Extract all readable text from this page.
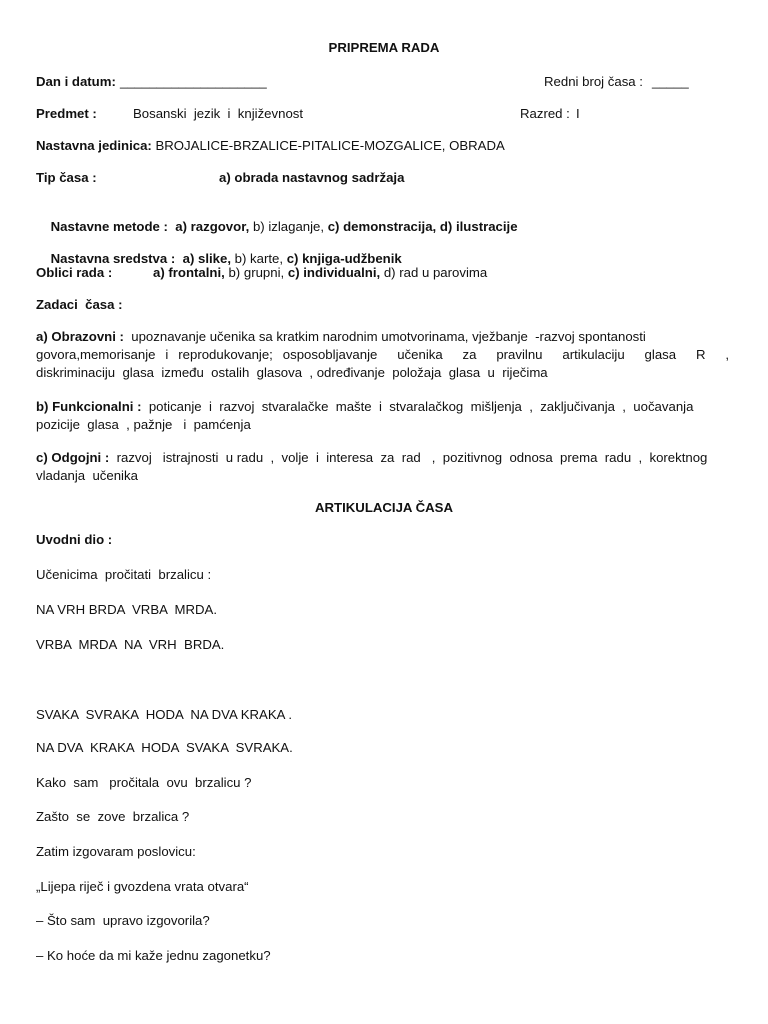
PRIPREMA RADA
Dan i datum: ____________________	Redni broj časa : _____
Predmet :	Bosanski  jezik  i  književnost	Razred : I
Nastavna jedinica: BROJALICE-BRZALICE-PITALICE-MOZGALICE, OBRADA
Tip časa :	a) obrada nastavnog sadržaja

Nastavne metode : a) razgovor, b) izlaganje, c) demonstracija, d) ilustracije

Nastavna sredstva : a) slike, b) karte, c) knjiga-udžbenik

Oblici rada :	a) frontalni, b) grupni, c) individualni, d) rad u parovima
Zadaci  časa :
a) Obrazovni : upoznavanje učenika sa kratkim narodnim umotvorinama, vježbanje  -razvoj spontanosti
govora,memorisanje i reprodukovanje; osposobljavanje  učenika  za  pravilnu  artikulaciju  glasa  R  ,
diskriminaciju  glasa  između  ostalih  glasova  , određivanje  položaja  glasa  u  riječima
b) Funkcionalni : poticanje  i  razvoj  stvaralačke  mašte  i  stvaralačkog  mišljenja  ,  zaključivanja  ,  uočavanja
pozicije  glasa  , pažnje   i  pamćenja
c) Odgojni : razvoj   istrajnosti  u radu  ,  volje  i  interesa  za  rad   ,  pozitivnog  odnosa  prema  radu  ,  korektnog
vladanja  učenika
ARTIKULACIJA ČASA
Uvodni dio :
Učenicima  pročitati  brzalicu :
NA VRH BRDA  VRBA  MRDA.
VRBA  MRDA  NA  VRH  BRDA.
SVAKA  SVRAKA  HODA  NA DVA KRAKA .
NA DVA  KRAKA  HODA  SVAKA  SVRAKA.
Kako  sam   pročitala  ovu  brzalicu ?
Zašto  se  zove  brzalica ?
Zatim izgovaram poslovicu:
„Lijepa riječ i gvozdena vrata otvara“
– Što sam  upravo izgovorila?
– Ko hoće da mi kaže jednu zagonetku?
